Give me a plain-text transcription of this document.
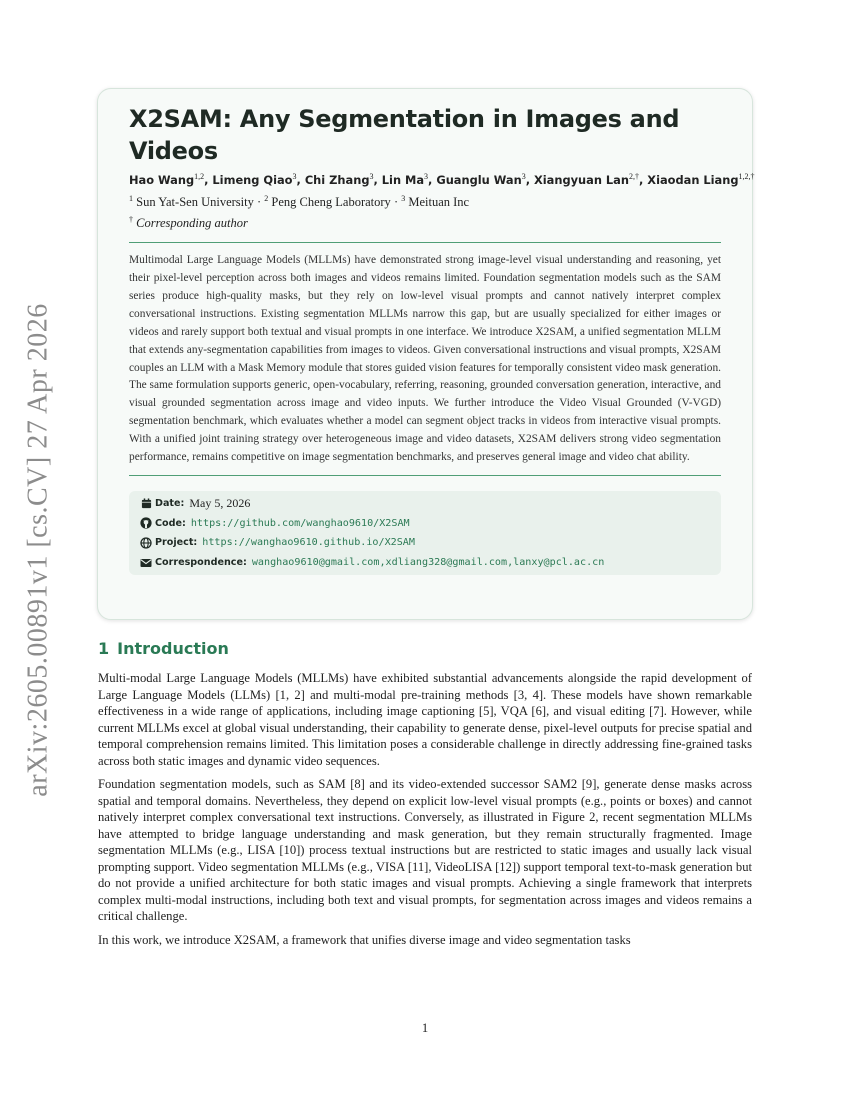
arXiv:2605.00891v1 [cs.CV] 27 Apr 2026
X2SAM: Any Segmentation in Images and Videos
Hao Wang$^{1,2}$, Limeng Qiao$^3$, Chi Zhang$^3$, Lin Ma$^3$, Guanglu Wan$^3$, Xiangyuan Lan$^{2,\dagger}$, Xiaodan Liang$^{1,2,\dagger}$
$^1$ Sun Yat-Sen University · $^2$ Peng Cheng Laboratory · $^3$ Meituan Inc
† Corresponding author
Multimodal Large Language Models (MLLMs) have demonstrated strong image-level visual understanding and reasoning, yet their pixel-level perception across both images and videos remains limited. Foundation segmentation models such as the SAM series produce high-quality masks, but they rely on low-level visual prompts and cannot natively interpret complex conversational instructions. Existing segmentation MLLMs narrow this gap, but are usually specialized for either images or videos and rarely support both textual and visual prompts in one interface. We introduce X2SAM, a unified segmentation MLLM that extends any-segmentation capabilities from images to videos. Given conversational instructions and visual prompts, X2SAM couples an LLM with a Mask Memory module that stores guided vision features for temporally consistent video mask generation. The same formulation supports generic, open-vocabulary, referring, reasoning, grounded conversation generation, interactive, and visual grounded segmentation across image and video inputs. We further introduce the Video Visual Grounded (V-VGD) segmentation benchmark, which evaluates whether a model can segment object tracks in videos from interactive visual prompts. With a unified joint training strategy over heterogeneous image and video datasets, X2SAM delivers strong video segmentation performance, remains competitive on image segmentation benchmarks, and preserves general image and video chat ability.
Date: May 5, 2026
Code: https://github.com/wanghao9610/X2SAM
Project: https://wanghao9610.github.io/X2SAM
Correspondence: wanghao9610@gmail.com,xdliang328@gmail.com,lanxy@pcl.ac.cn
1 Introduction

Multi-modal Large Language Models (MLLMs) have exhibited substantial advancements alongside the rapid development of Large Language Models (LLMs) [1, 2] and multi-modal pre-training methods [3, 4]. These models have shown remarkable effectiveness in a wide range of applications, including image captioning [5], VQA [6], and visual editing [7]. However, while current MLLMs excel at global visual understanding, their capability to generate dense, pixel-level outputs for precise spatial and temporal comprehension remains limited. This limitation poses a considerable challenge in directly addressing fine-grained tasks across both static images and dynamic video sequences.

Foundation segmentation models, such as SAM [8] and its video-extended successor SAM2 [9], generate dense masks across spatial and temporal domains. Nevertheless, they depend on explicit low-level visual prompts (e.g., points or boxes) and cannot natively interpret complex conversational text instructions. Conversely, as illustrated in Figure 2, recent segmentation MLLMs have attempted to bridge language understanding and mask generation, but they remain structurally fragmented. Image segmentation MLLMs (e.g., LISA [10]) process textual instructions but are restricted to static images and usually lack visual prompting support. Video segmentation MLLMs (e.g., VISA [11], VideoLISA [12]) support temporal text-to-mask generation but do not provide a unified architecture for both static images and visual prompts. Achieving a single framework that interprets complex multi-modal instructions, including both text and visual prompts, for segmentation across images and videos remains a critical challenge.

In this work, we introduce X2SAM, a framework that unifies diverse image and video segmentation tasks

1
